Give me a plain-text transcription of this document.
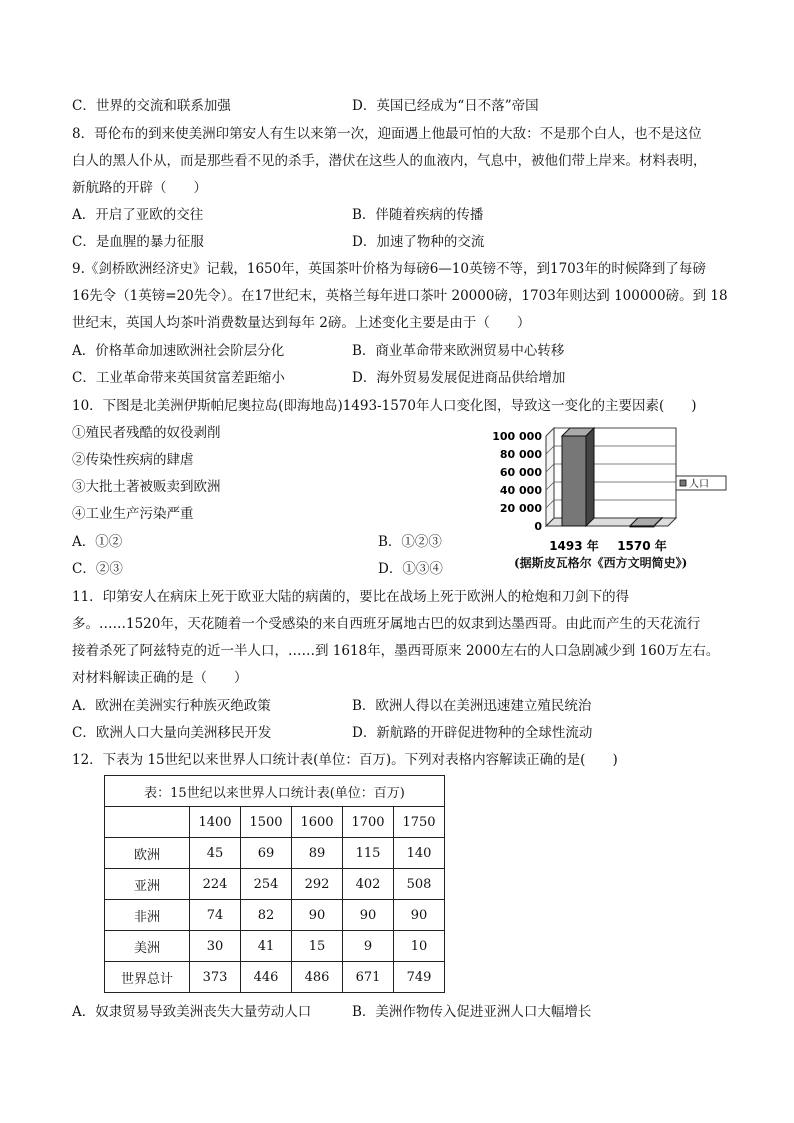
C．世界的交流和联系加强	D．英国已经成为“日不落”帝国
8．哥伦布的到来使美洲印第安人有生以来第一次，迎面遇上他最可怕的大敌：不是那个白人，也不是这位
白人的黑人仆从，而是那些看不见的杀手，潜伏在这些人的血液内，气息中，被他们带上岸来。材料表明，
新航路的开辟（　　）
A．开启了亚欧的交往	B．伴随着疾病的传播
C．是血腥的暴力征服	D．加速了物种的交流
9.《剑桥欧洲经济史》记载，1650年，英国茶叶价格为每磅6—10英镑不等，到1703年的时候降到了每磅
16先令（1英镑=20先令）。在17世纪末，英格兰每年进口茶叶 20000磅，1703年则达到 100000磅。到 18
世纪末，英国人均茶叶消费数量达到每年 2磅。上述变化主要是由于（　　）
A．价格革命加速欧洲社会阶层分化	B．商业革命带来欧洲贸易中心转移
C．工业革命带来英国贫富差距缩小	D．海外贸易发展促进商品供给增加
10．下图是北美洲伊斯帕尼奥拉岛(即海地岛)1493-1570年人口变化图，导致这一变化的主要因素(　　)
①殖民者残酷的奴役剥削
②传染性疾病的肆虐
③大批土著被贩卖到欧洲
④工业生产污染严重
A．①②	B．①②③
C．②③	D．①③④
0
20 000
40 000
60 000
80 000
100 000
1493 年 1570 年
人口
(据斯皮瓦格尔《西方文明简史》)
11．印第安人在病床上死于欧亚大陆的病菌的，要比在战场上死于欧洲人的枪炮和刀剑下的得
多。……1520年，天花随着一个受感染的来自西班牙属地古巴的奴隶到达墨西哥。由此而产生的天花流行
接着杀死了阿兹特克的近一半人口，……到 1618年，墨西哥原来 2000左右的人口急剧减少到 160万左右。
对材料解读正确的是（　　）
A．欧洲在美洲实行种族灭绝政策	B．欧洲人得以在美洲迅速建立殖民统治
C．欧洲人口大量向美洲移民开发	D．新航路的开辟促进物种的全球性流动
12．下表为 15世纪以来世界人口统计表(单位：百万)。下列对表格内容解读正确的是(　　)
表：15世纪以来世界人口统计表(单位：百万)					
	1400	1500	1600	1700	1750
欧洲	45	69	89	115	140
亚洲	224	254	292	402	508
非洲	74	82	90	90	90
美洲	30	41	15	9	10
世界总计	373	446	486	671	749
A．奴隶贸易导致美洲丧失大量劳动人口	B．美洲作物传入促进亚洲人口大幅增长
